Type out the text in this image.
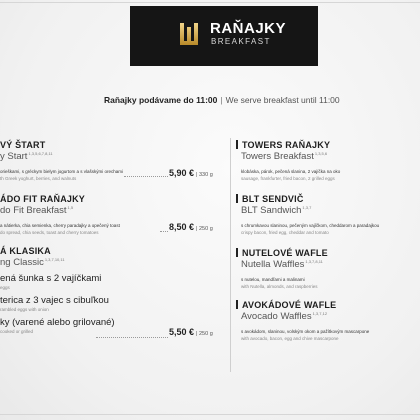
RAŇAJKY
BREAKFAST
Raňajky podávame do 11:00 | We serve breakfast until 11:00
VÝ ŠTART
y Start$^{1,3,5,6,7,8,11}$
orieškami, s gréckym bielym jogurtom a s vlašskými orechami
th Greek yoghurt, berries, and walnuts
5,90 € | 330 g
ÁDO FIT RAŇAJKY
do Fit Breakfast$^{1,5}$
a nátierka, chia semienka, cherry paradajky a opečený toast
do spread, chia seeds, toast and cherry tomatoes
8,50 € | 250 g
Á KLASIKA
ng Classic$^{1,3,7,10,11}$
ená šunka s 2 vajíčkami
eggs
terica z 3 vajec s cibuľkou
rambled eggs with onion
ky (varené alebo grilované)
cooked or grilled	5,50 € | 250 g
TOWERS RAŇAJKY
Towers Breakfast$^{1,3,5,6}$
klobáska, párok, pečená slanina, 2 vajíčka na oko
sausage, frankfurter, fried bacon, 2 grilled eggs
BLT SENDVIČ
BLT Sandwich$^{1,3,7}$
s chrumkavou slaninou, pečeným vajíčkom, cheddarom a paradajkou
crispy bacon, fried egg, cheddar and tomato
NUTELOVÉ WAFLE
Nutella Waffles$^{1,3,7,8,11}$
s nutelou, mandľami a malinami
with Nutella, almonds, and raspberries
AVOKÁDOVÉ WAFLE
Avocado Waffles$^{1,3,7,12}$
s avokádom, slaninou, volským okom a pažítkovým mascarpone
with avocado, bacon, egg and chive mascarpone
